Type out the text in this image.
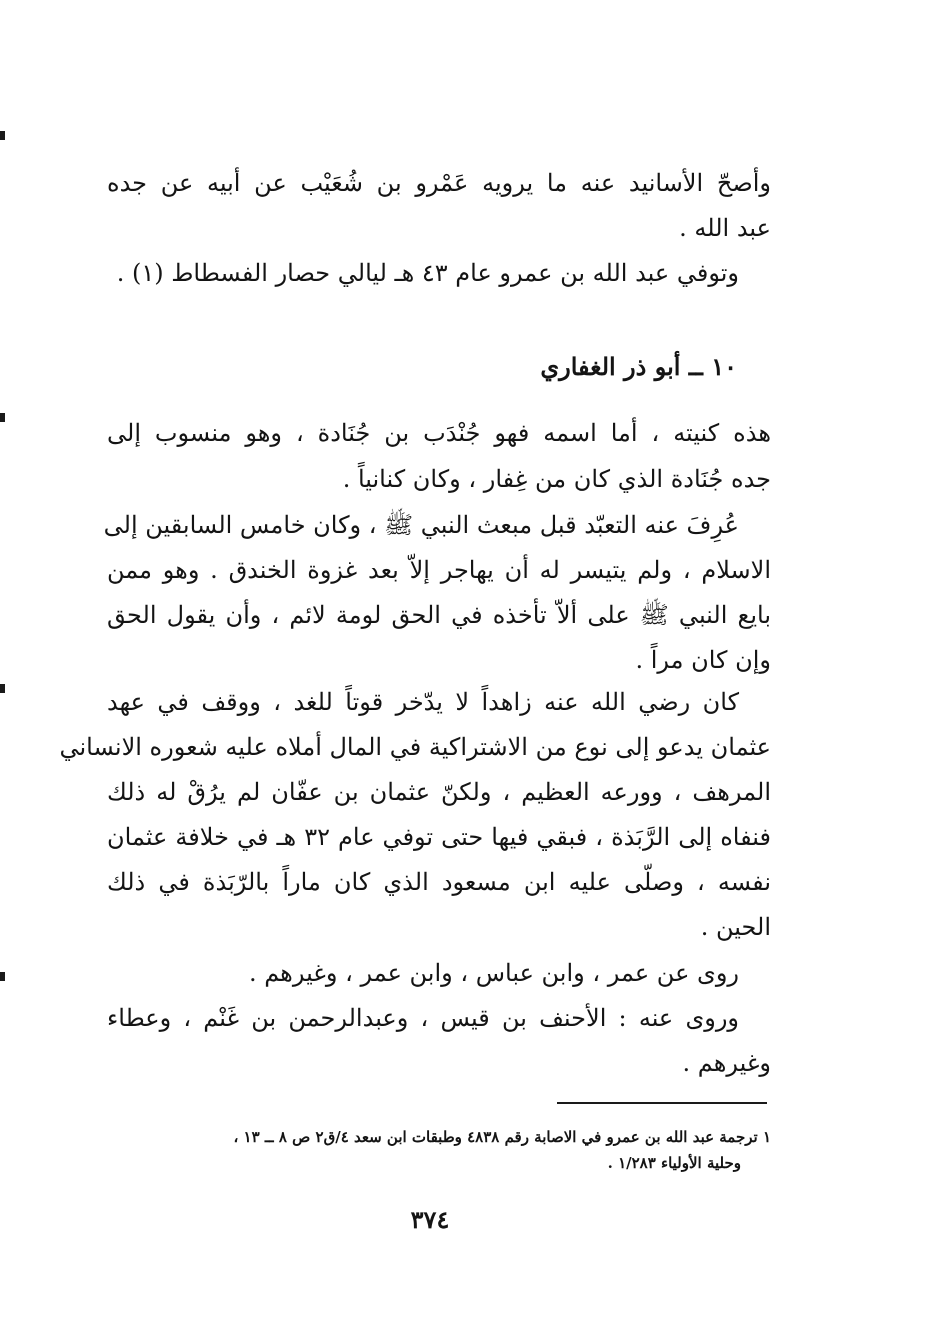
وأصحّ الأسانيد عنه ما يرويه عَمْرو بن شُعَيْب عن أبيه عن جده
عبد الله .
وتوفي عبد الله بن عمرو عام ٤٣ هـ ليالي حصار الفسطاط (١) .
١٠ ــ أبو ذر الغفاري
هذه كنيته ، أما اسمه فهو جُنْدَب بن جُنَادة ، وهو منسوب إلى
جده جُنَادة الذي كان من غِفار ، وكان كنانياً .
عُرِفَ عنه التعبّد قبل مبعث النبي ﷺ ، وكان خامس السابقين إلى
الاسلام ، ولم يتيسر له أن يهاجر إلاّ بعد غزوة الخندق . وهو ممن
بايع النبي ﷺ على ألاّ تأخذه في الحق لومة لائم ، وأن يقول الحق
وإن كان مراً .
كان رضي الله عنه زاهداً لا يدّخر قوتاً للغد ، ووقف في عهد
عثمان يدعو إلى نوع من الاشتراكية في المال أملاه عليه شعوره الانساني
المرهف ، وورعه العظيم ، ولكنّ عثمان بن عفّان لم يرُقْ له ذلك
فنفاه إلى الرَّبَذة ، فبقي فيها حتى توفي عام ٣٢ هـ في خلافة عثمان
نفسه ، وصلّى عليه ابن مسعود الذي كان ماراً بالرّبَذة في ذلك
الحين .
روى عن عمر ، وابن عباس ، وابن عمر ، وغيرهم .
وروى عنه : الأحنف بن قيس ، وعبدالرحمن بن غَنْم ، وعطاء
وغيرهم .
١ ترجمة عبد الله بن عمرو في الاصابة رقم ٤٨٣٨ وطبقات ابن سعد ٤/ق٢ ص ٨ ــ ١٣ ،
وحلية الأولياء ١/٢٨٣ .
٣٧٤
